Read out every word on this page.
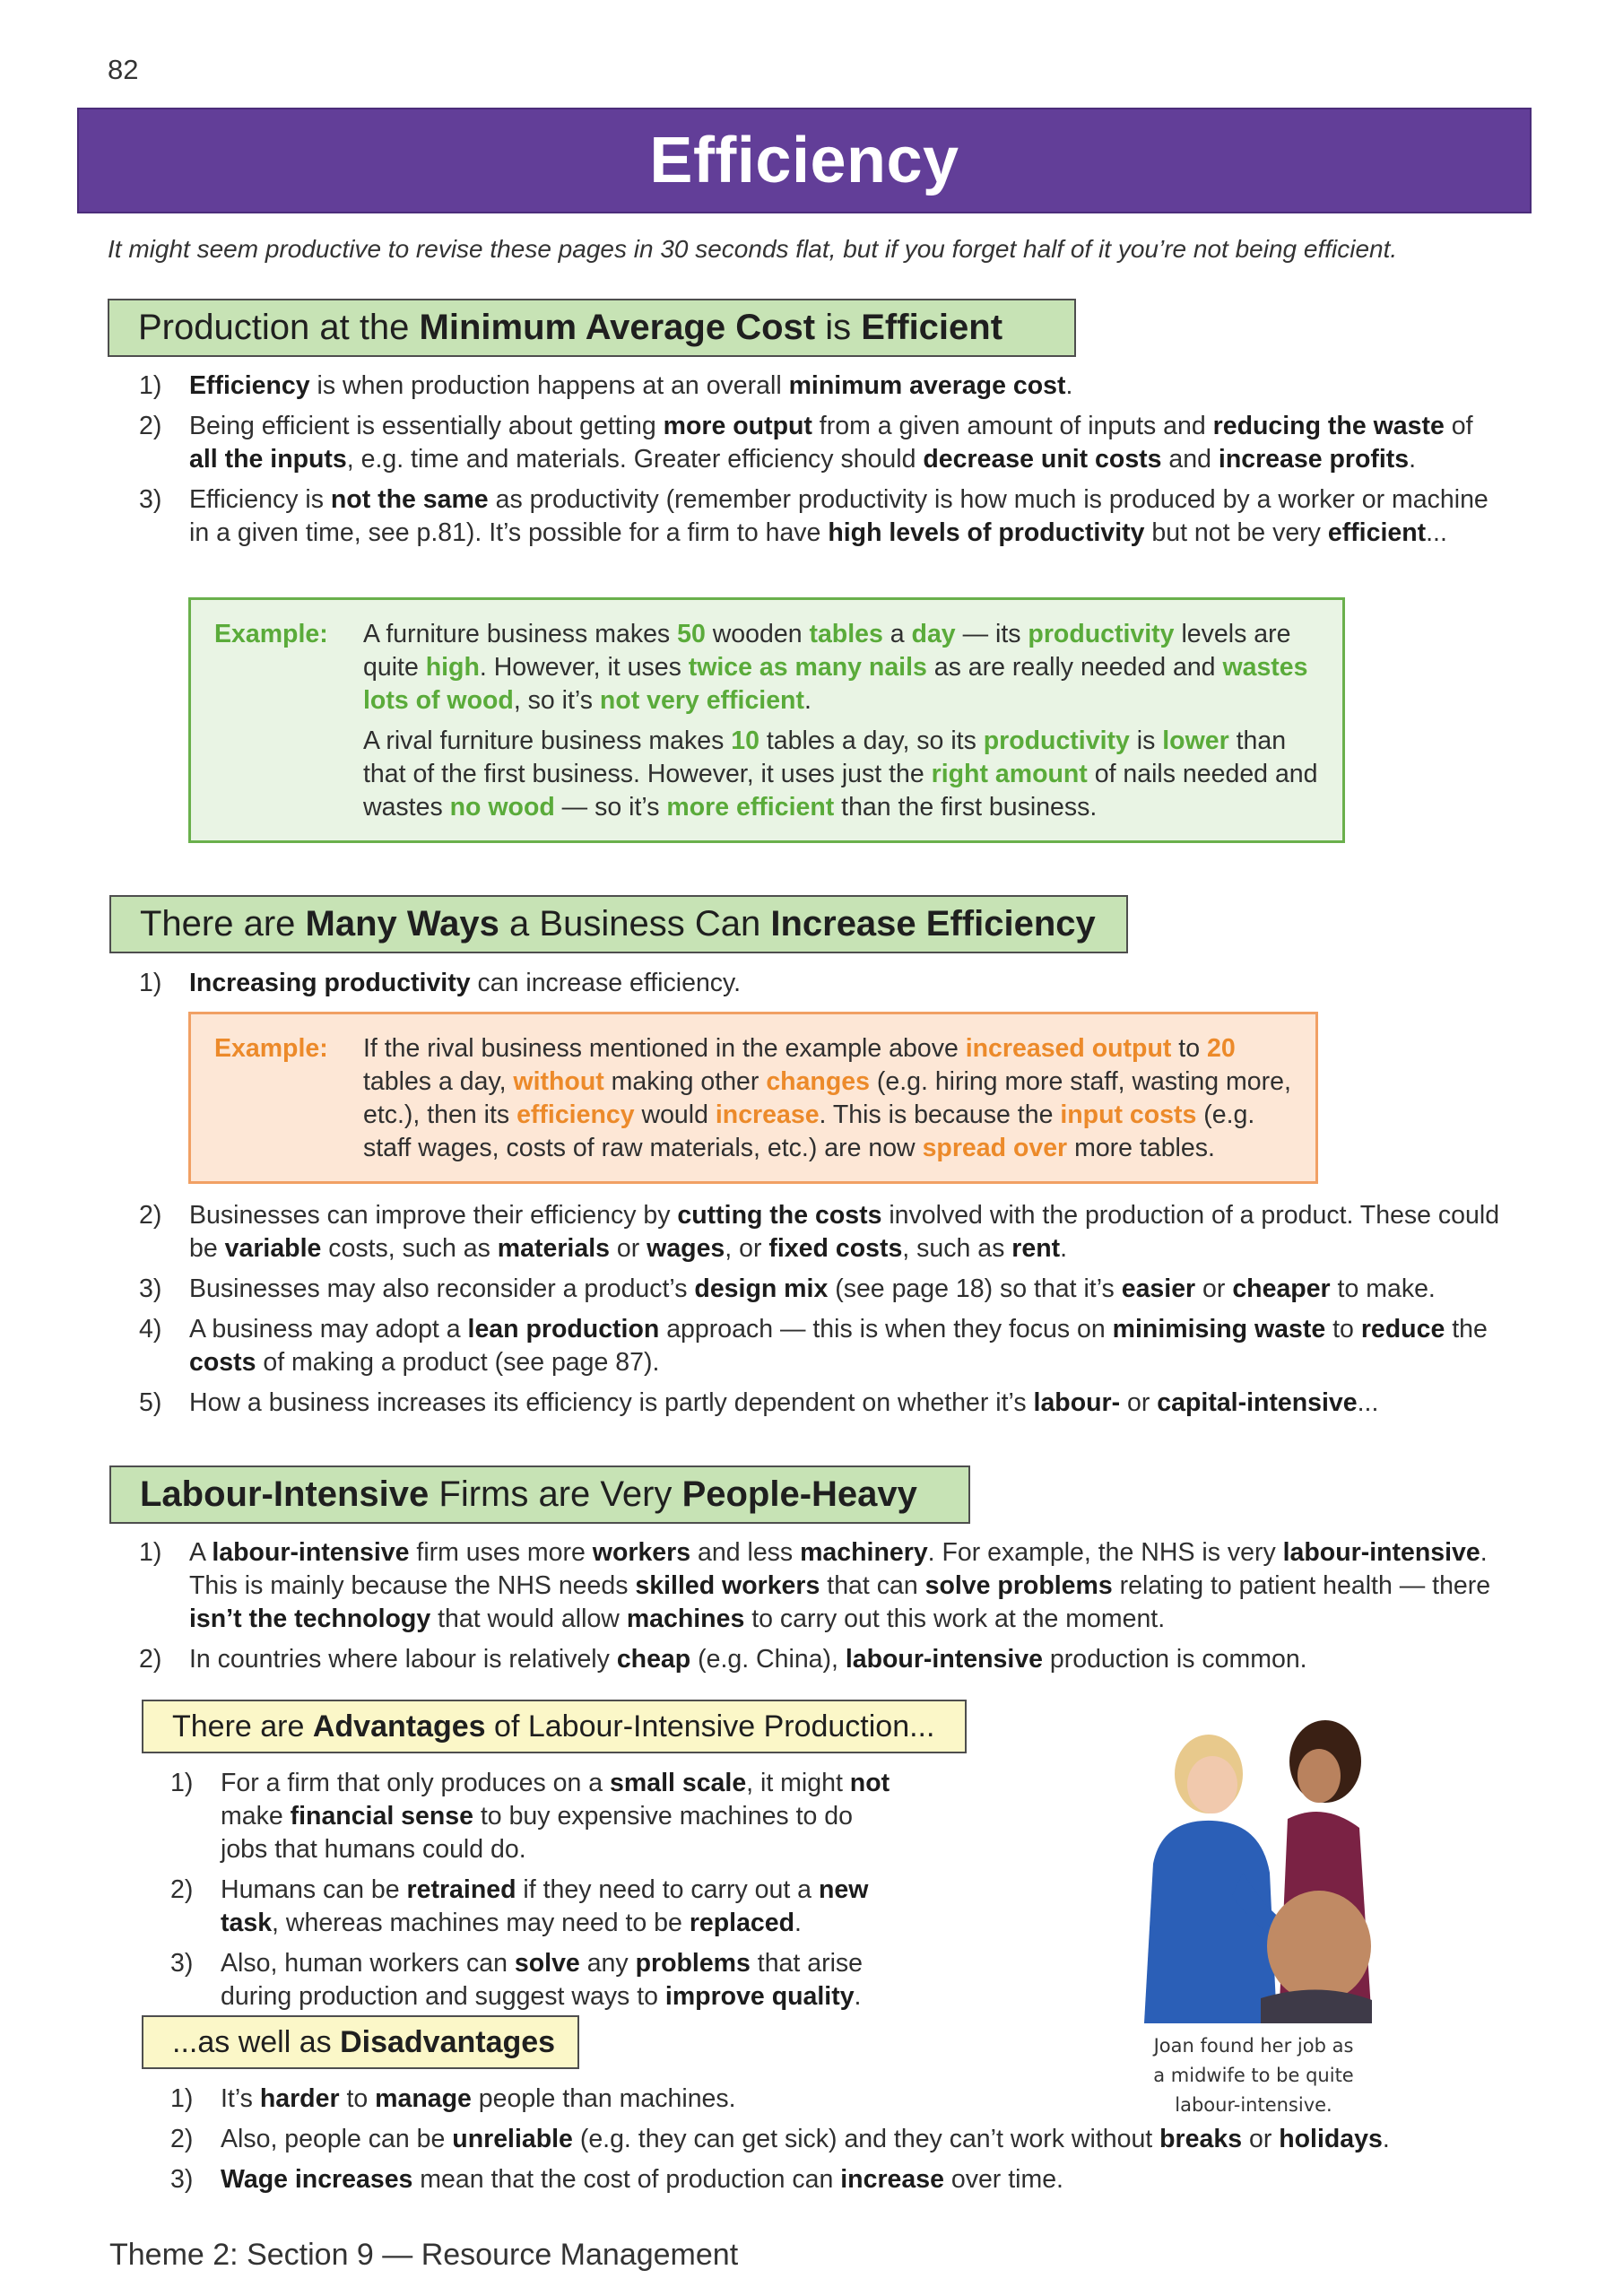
82
Efficiency
It might seem productive to revise these pages in 30 seconds flat, but if you forget half of it you’re not being efficient.
Production at the
Minimum Average Cost
is
Efficient
1)	Efficiency is when production happens at an overall minimum average cost.
2)	Being efficient is essentially about getting more output from a given amount of inputs and reducing the waste of all the inputs, e.g. time and materials. Greater efficiency should decrease unit costs and increase profits.
3)	Efficiency is not the same as productivity (remember productivity is how much is produced by a worker or machine in a given time, see p.81). It’s possible for a firm to have high levels of productivity but not be very efficient...
Example:	A furniture business makes 50 wooden tables a day — its productivity levels are quite high. However, it uses twice as many nails as are really needed and wastes lots of wood, so it’s not very efficient.

A rival furniture business makes 10 tables a day, so its productivity is lower than that of the first business. However, it uses just the right amount of nails needed and wastes no wood — so it’s more efficient than the first business.

There are
Many Ways
a Business Can
Increase Efficiency
1)	Increasing productivity can increase efficiency.
Example:	If the rival business mentioned in the example above increased output to 20 tables a day, without making other changes (e.g. hiring more staff, wasting more, etc.), then its efficiency would increase. This is because the input costs (e.g. staff wages, costs of raw materials, etc.) are now spread over more tables.

2)	Businesses can improve their efficiency by cutting the costs involved with the production of a product. These could be variable costs, such as materials or wages, or fixed costs, such as rent.
3)	Businesses may also reconsider a product’s design mix (see page 18) so that it’s easier or cheaper to make.
4)	A business may adopt a lean production approach — this is when they focus on minimising waste to reduce the costs of making a product (see page 87).
5)	How a business increases its efficiency is partly dependent on whether it’s labour- or capital-intensive...
Labour-Intensive
Firms are Very
People-Heavy
1)	A labour-intensive firm uses more workers and less machinery. For example, the NHS is very labour-intensive. This is mainly because the NHS needs skilled workers that can solve problems relating to patient health — there isn’t the technology that would allow machines to carry out this work at the moment.
2)	In countries where labour is relatively cheap (e.g. China), labour-intensive production is common.
There are
Advantages
of Labour-Intensive Production...
1)	For a firm that only produces on a small scale, it might not make financial sense to buy expensive machines to do jobs that humans could do.
2)	Humans can be retrained if they need to carry out a new task, whereas machines may need to be replaced.
3)	Also, human workers can solve any problems that arise during production and suggest ways to improve quality.
Joan found her job as
a midwife to be quite
labour-intensive.
...as well as
Disadvantages
1)	It’s harder to manage people than machines.
2)	Also, people can be unreliable (e.g. they can get sick) and they can’t work without breaks or holidays.
3)	Wage increases mean that the cost of production can increase over time.
Theme 2: Section 9 — Resource Management
